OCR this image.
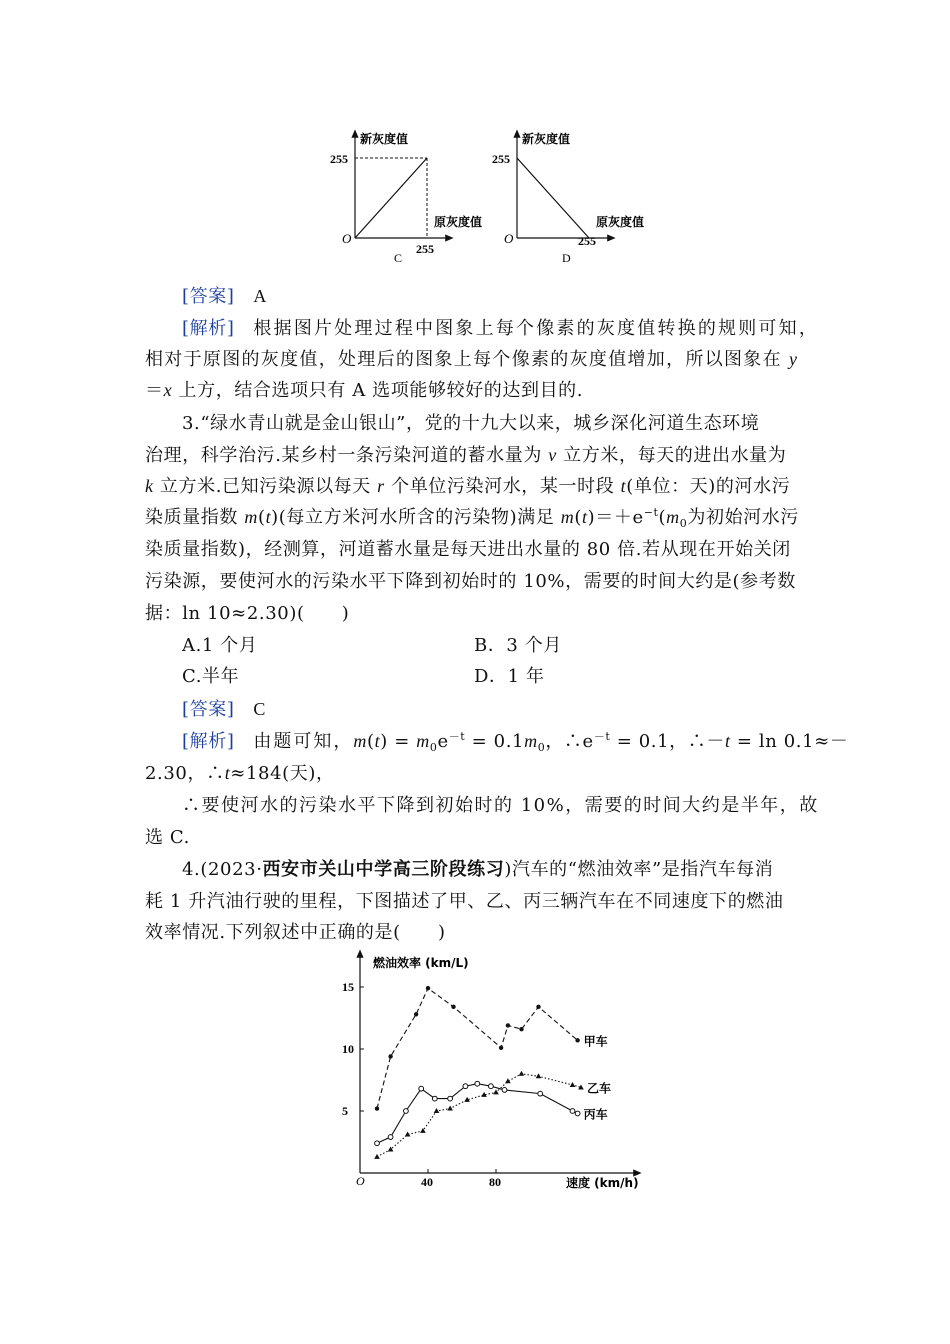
新灰度值
原灰度值
255
255
O
C
新灰度值
原灰度值
255
255
O
D
[答案] A
[解析] 根据图片处理过程中图象上每个像素的灰度值转换的规则可知，
相对于原图的灰度值，处理后的图象上每个像素的灰度值增加，所以图象在 y
＝x 上方，结合选项只有 A 选项能够较好的达到目的.
3.“绿水青山就是金山银山”，党的十九大以来，城乡深化河道生态环境
治理，科学治污.某乡村一条污染河道的蓄水量为 v 立方米，每天的进出水量为
k 立方米.已知污染源以每天 r 个单位污染河水，某一时段 t(单位：天)的河水污
染质量指数 m(t)(每立方米河水所含的污染物)满足 $m(t)=+e^{-t}(m_0$为初始河水污
染质量指数)，经测算，河道蓄水量是每天进出水量的 80 倍.若从现在开始关闭
污染源，要使河水的污染水平下降到初始时的 10%，需要的时间大约是(参考数
据：ln 10≈2.30)(　　)
A.1 个月	B．3 个月
C.半年	D．1 年
[答案] C
[解析] 由题可知，$m(t) = m_0e^{-t} = 0.1m_0$，$\therefore e^{-t} = 0.1$，∴－t = ln 0.1≈－
2.30，∴t≈184(天)，
∴要使河水的污染水平下降到初始时的 10%，需要的时间大约是半年，故
选 C.
4.(2023·西安市关山中学高三阶段练习)汽车的“燃油效率”是指汽车每消
耗 1 升汽油行驶的里程，下图描述了甲、乙、丙三辆汽车在不同速度下的燃油
效率情况.下列叙述中正确的是(　　)
燃油效率 (km/L)
速度 (km/h)
O	40	80
5
10
15
甲车
乙车
丙车
